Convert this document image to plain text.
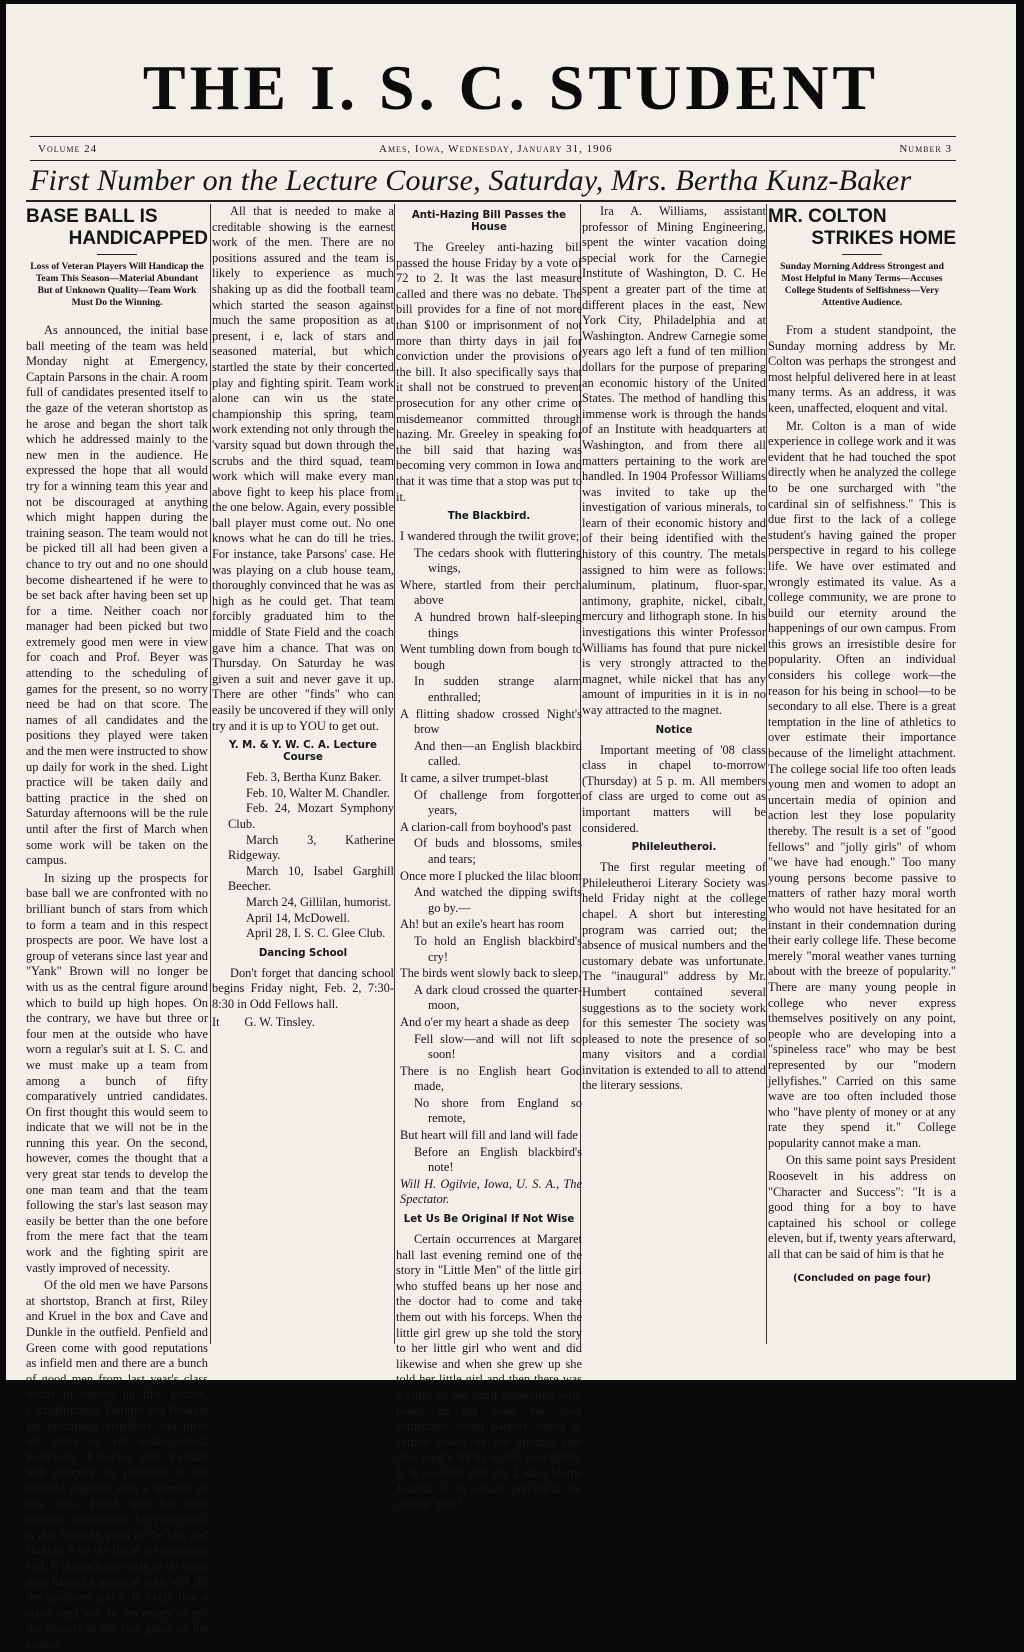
THE I. S. C. STUDENT
Volume 24	Ames, Iowa, Wednesday, January 31, 1906	Number 3
First Number on the Lecture Course, Saturday, Mrs. Bertha Kunz-Baker
BASE BALL IS
HANDICAPPED
Loss of Veteran Players Will Handicap the Team This Season—Material Abundant But of Unknown Quality—Team Work Must Do the Winning.

As announced, the initial base ball meeting of the team was held Monday night at Emergency, Captain Parsons in the chair. A room full of candidates presented itself to the gaze of the veteran shortstop as he arose and began the short talk which he addressed mainly to the new men in the audience. He expressed the hope that all would try for a winning team this year and not be discouraged at anything which might happen during the training season. The team would not be picked till all had been given a chance to try out and no one should become disheartened if he were to be set back after having been set up for a time. Neither coach nor manager had been picked but two extremely good men were in view for coach and Prof. Beyer was attending to the scheduling of games for the present, so no worry need be had on that score. The names of all candidates and the positions they played were taken and the men were instructed to show up daily for work in the shed. Light practice will be taken daily and batting practice in the shed on Saturday afternoons will be the rule until after the first of March when some work will be taken on the campus.

In sizing up the prospects for base ball we are confronted with no brilliant bunch of stars from which to form a team and in this respect prospects are poor. We have lost a group of veterans since last year and "Yank" Brown will no longer be with us as the central figure around which to build up high hopes. On the contrary, we have but three or four men at the outside who have worn a regular's suit at I. S. C. and we must make up a team from among a bunch of fifty comparatively untried candidates. On first thought this would seem to indicate that we will not be in the running this year. On the second, however, comes the thought that a very great star tends to develop the one man team and that the team following the star's last season may easily be better than the one before from the mere fact that the team work and the fighting spirit are vastly improved of necessity.

Of the old men we have Parsons at shortstop, Branch at first, Riley and Kruel in the box and Cave and Dunkle in the outfield. Penfield and Green come with good reputations as infield men and there are a bunch of good men from last year's class teams to bolster up that section. Carr, Brintnall, Guthrie and Broadie are promising infielders and there are more as yet undiscovered. Robinson, Knowles and Kendall will compete for positions in the outfield together with a number of new ones, Baird, who has been training consistently for two years, is due to make good in the box and Hughes is on the list at the receiving end. It is much too early to do more than hazard a guess at who will fill the positions and it is likely that a score card will be necessary to tell the players at the first game of the season.

All that is needed to make a creditable showing is the earnest work of the men. There are no positions assured and the team is likely to experience as much shaking up as did the football team which started the season against much the same proposition as at present, i e, lack of stars and seasoned material, but which startled the state by their concerted play and fighting spirit. Team work alone can win us the state championship this spring, team work extending not only through the 'varsity squad but down through the scrubs and the third squad, team work which will make every man above fight to keep his place from the one below. Again, every possible ball player must come out. No one knows what he can do till he tries. For instance, take Parsons' case. He was playing on a club house team, thoroughly convinced that he was as high as he could get. That team forcibly graduated him to the middle of State Field and the coach gave him a chance. That was on Thursday. On Saturday he was given a suit and never gave it up. There are other "finds" who can easily be uncovered if they will only try and it is up to YOU to get out.

Y. M. & Y. W. C. A. Lecture Course

Feb. 3, Bertha Kunz Baker.

Feb. 10, Walter M. Chandler.

Feb. 24, Mozart Symphony Club.

March 3, Katherine Ridgeway.

March 10, Isabel Garghill Beecher.

March 24, Gillilan, humorist.

April 14, McDowell.

April 28, I. S. C. Glee Club.

Dancing School

Don't forget that dancing school begins Friday night, Feb. 2, 7:30-8:30 in Odd Fellows hall.

It        G. W. Tinsley.

Anti-Hazing Bill Passes the House

The Greeley anti-hazing bill passed the house Friday by a vote of 72 to 2. It was the last measure called and there was no debate. The bill provides for a fine of not more than $100 or imprisonment of not more than thirty days in jail for conviction under the provisions of the bill. It also specifically says that it shall not be construed to prevent prosecution for any other crime or misdemeanor committed through hazing. Mr. Greeley in speaking for the bill said that hazing was becoming very common in Iowa and that it was time that a stop was put to it.

The Blackbird.

I wandered through the twilit grove;

The cedars shook with fluttering wings,

Where, startled from their perch above

A hundred brown half-sleeping things

Went tumbling down from bough to bough

In sudden strange alarm enthralled;

A flitting shadow crossed Night's brow

And then—an English blackbird called.

It came, a silver trumpet-blast

Of challenge from forgotten years,

A clarion-call from boyhood's past

Of buds and blossoms, smiles and tears;

Once more I plucked the lilac bloom

And watched the dipping swifts go by.—

Ah! but an exile's heart has room

To hold an English blackbird's cry!

The birds went slowly back to sleep,

A dark cloud crossed the quarter-moon,

And o'er my heart a shade as deep

Fell slow—and will not lift so soon!

There is no English heart God made,

No shore from England so remote,

But heart will fill and land will fade

Before an English blackbird's note!

Will H. Ogilvie, Iowa, U. S. A., The Spectator.

Let Us Be Original If Not Wise

Certain occurrences at Margaret hall last evening remind one of the story in "Little Men" of the little girl who stuffed beans up her nose and the doctor had to come and take them out with his forceps. When the little girl grew up she told the story to her little girl who went and did likewise and when she grew up she told her little girl and then there was a child of the third generation with beans up her nose. We have sometimes heard parents object to certain books on the grounds that they taught tricks to the youngsters. Is it possible that the Ladies Home Journal is an unsafe periodical for college girls?

Ira A. Williams, assistant professor of Mining Engineering, spent the winter vacation doing special work for the Carnegie Institute of Washington, D. C. He spent a greater part of the time at different places in the east, New York City, Philadelphia and at Washington. Andrew Carnegie some years ago left a fund of ten million dollars for the purpose of preparing an economic history of the United States. The method of handling this immense work is through the hands of an Institute with headquarters at Washington, and from there all matters pertaining to the work are handled. In 1904 Professor Williams was invited to take up the investigation of various minerals, to learn of their economic history and of their being identified with the history of this country. The metals assigned to him were as follows: aluminum, platinum, fluor-spar, antimony, graphite, nickel, cibalt, mercury and lithograph stone. In his investigations this winter Professor Williams has found that pure nickel is very strongly attracted to the magnet, while nickel that has any amount of impurities in it is in no way attracted to the magnet.

Notice

Important meeting of '08 class class in chapel to-morrow (Thursday) at 5 p. m. All members of class are urged to come out as important matters will be considered.

Phileleutheroi.

The first regular meeting of Phileleutheroi Literary Society was held Friday night at the college chapel. A short but interesting program was carried out; the absence of musical numbers and the customary debate was unfortunate. The "inaugural" address by Mr. Humbert contained several suggestions as to the society work for this semester The society was pleased to note the presence of so many visitors and a cordial invitation is extended to all to attend the literary sessions.

MR. COLTON
STRIKES HOME
Sunday Morning Address Strongest and Most Helpful in Many Terms—Accuses College Students of Selfishness—Very Attentive Audience.

From a student standpoint, the Sunday morning address by Mr. Colton was perhaps the strongest and most helpful delivered here in at least many terms. As an address, it was keen, unaffected, eloquent and vital.

Mr. Colton is a man of wide experience in college work and it was evident that he had touched the spot directly when he analyzed the college to be one surcharged with "the cardinal sin of selfishness." This is due first to the lack of a college student's having gained the proper perspective in regard to his college life. We have over estimated and wrongly estimated its value. As a college community, we are prone to build our eternity around the happenings of our own campus. From this grows an irresistible desire for popularity. Often an individual considers his college work—the reason for his being in school—to be secondary to all else. There is a great temptation in the line of athletics to over estimate their importance because of the limelight attachment. The college social life too often leads young men and women to adopt an uncertain media of opinion and action lest they lose popularity thereby. The result is a set of "good fellows" and "jolly girls" of whom "we have had enough." Too many young persons become passive to matters of rather hazy moral worth who would not have hesitated for an instant in their condemnation during their early college life. These become merely "moral weather vanes turning about with the breeze of popularity." There are many young people in college who never express themselves positively on any point, people who are developing into a "spineless race" who may be best represented by our "modern jellyfishes." Carried on this same wave are too often included those who "have plenty of money or at any rate they spend it." College popularity cannot make a man.

On this same point says President Roosevelt in his address on "Character and Success": "It is a good thing for a boy to have captained his school or college eleven, but if, twenty years afterward, all that can be said of him is that he

(Concluded on page four)
